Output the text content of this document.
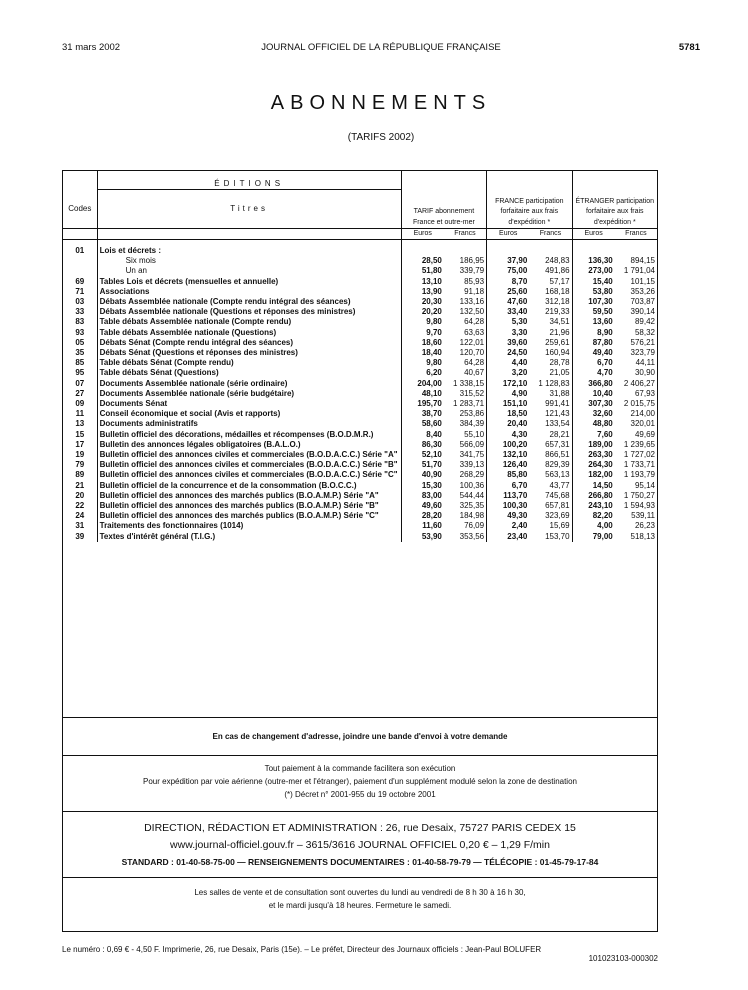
JOURNAL OFFICIEL DE LA RÉPUBLIQUE FRANÇAISE
31 mars 2002	5781
ABONNEMENTS
(TARIFS 2002)
	ÉDITIONS	TARIF abonnement France et outre-mer		FRANCE participation forfaitaire aux frais d'expédition *		ÉTRANGER participation forfaitaire aux frais d'expédition *	
Codes	Titres						
		Euros	Francs	Euros	Francs	Euros	Francs

01	Lois et décrets :						
	Six mois	28,50	186,95	37,90	248,83	136,30	894,15
	Un an	51,80	339,79	75,00	491,86	273,00	1 791,04
69	Tables Lois et décrets (mensuelles et annuelle)	13,10	85,93	8,70	57,17	15,40	101,15
71	Associations	13,90	91,18	25,60	168,18	53,80	353,26
03	Débats Assemblée nationale (Compte rendu intégral des séances)	20,30	133,16	47,60	312,18	107,30	703,87
33	Débats Assemblée nationale (Questions et réponses des ministres)	20,20	132,50	33,40	219,33	59,50	390,14
83	Table débats Assemblée nationale (Compte rendu)	9,80	64,28	5,30	34,51	13,60	89,42
93	Table débats Assemblée nationale (Questions)	9,70	63,63	3,30	21,96	8,90	58,32
05	Débats Sénat (Compte rendu intégral des séances)	18,60	122,01	39,60	259,61	87,80	576,21
35	Débats Sénat (Questions et réponses des ministres)	18,40	120,70	24,50	160,94	49,40	323,79
85	Table débats Sénat (Compte rendu)	9,80	64,28	4,40	28,78	6,70	44,11
95	Table débats Sénat (Questions)	6,20	40,67	3,20	21,05	4,70	30,90
07	Documents Assemblée nationale (série ordinaire)	204,00	1 338,15	172,10	1 128,83	366,80	2 406,27
27	Documents Assemblée nationale (série budgétaire)	48,10	315,52	4,90	31,88	10,40	67,93
09	Documents Sénat	195,70	1 283,71	151,10	991,41	307,30	2 015,75
11	Conseil économique et social (Avis et rapports)	38,70	253,86	18,50	121,43	32,60	214,00
13	Documents administratifs	58,60	384,39	20,40	133,54	48,80	320,01
15	Bulletin officiel des décorations, médailles et récompenses (B.O.D.M.R.)	8,40	55,10	4,30	28,21	7,60	49,69
17	Bulletin des annonces légales obligatoires (B.A.L.O.)	86,30	566,09	100,20	657,31	189,00	1 239,65
19	Bulletin officiel des annonces civiles et commerciales (B.O.D.A.C.C.) Série "A"	52,10	341,75	132,10	866,51	263,30	1 727,02
79	Bulletin officiel des annonces civiles et commerciales (B.O.D.A.C.C.) Série "B"	51,70	339,13	126,40	829,39	264,30	1 733,71
89	Bulletin officiel des annonces civiles et commerciales (B.O.D.A.C.C.) Série "C"	40,90	268,29	85,80	563,13	182,00	1 193,79
21	Bulletin officiel de la concurrence et de la consommation (B.O.C.C.)	15,30	100,36	6,70	43,77	14,50	95,14
20	Bulletin officiel des annonces des marchés publics (B.O.A.M.P.) Série "A"	83,00	544,44	113,70	745,68	266,80	1 750,27
22	Bulletin officiel des annonces des marchés publics (B.O.A.M.P.) Série "B"	49,60	325,35	100,30	657,81	243,10	1 594,93
24	Bulletin officiel des annonces des marchés publics (B.O.A.M.P.) Série "C"	28,20	184,98	49,30	323,69	82,20	539,11
31	Traitements des fonctionnaires (1014)	11,60	76,09	2,40	15,69	4,00	26,23
39	Textes d'intérêt général (T.I.G.)	53,90	353,56	23,40	153,70	79,00	518,13
En cas de changement d'adresse, joindre une bande d'envoi à votre demande
Tout paiement à la commande facilitera son exécution
Pour expédition par voie aérienne (outre-mer et l'étranger), paiement d'un supplément modulé selon la zone de destination
(*) Décret n° 2001-955 du 19 octobre 2001
DIRECTION, RÉDACTION ET ADMINISTRATION : 26, rue Desaix, 75727 PARIS CEDEX 15
www.journal-officiel.gouv.fr – 3615/3616 JOURNAL OFFICIEL 0,20 € – 1,29 F/min
STANDARD : 01-40-58-75-00 — RENSEIGNEMENTS DOCUMENTAIRES : 01-40-58-79-79 — TÉLÉCOPIE : 01-45-79-17-84
Les salles de vente et de consultation sont ouvertes du lundi au vendredi de 8 h 30 à 16 h 30,
et le mardi jusqu'à 18 heures. Fermeture le samedi.
Le numéro : 0,69 € - 4,50 F. Imprimerie, 26, rue Desaix, Paris (15e). – Le préfet, Directeur des Journaux officiels : Jean-Paul BOLUFER
101023103-000302
